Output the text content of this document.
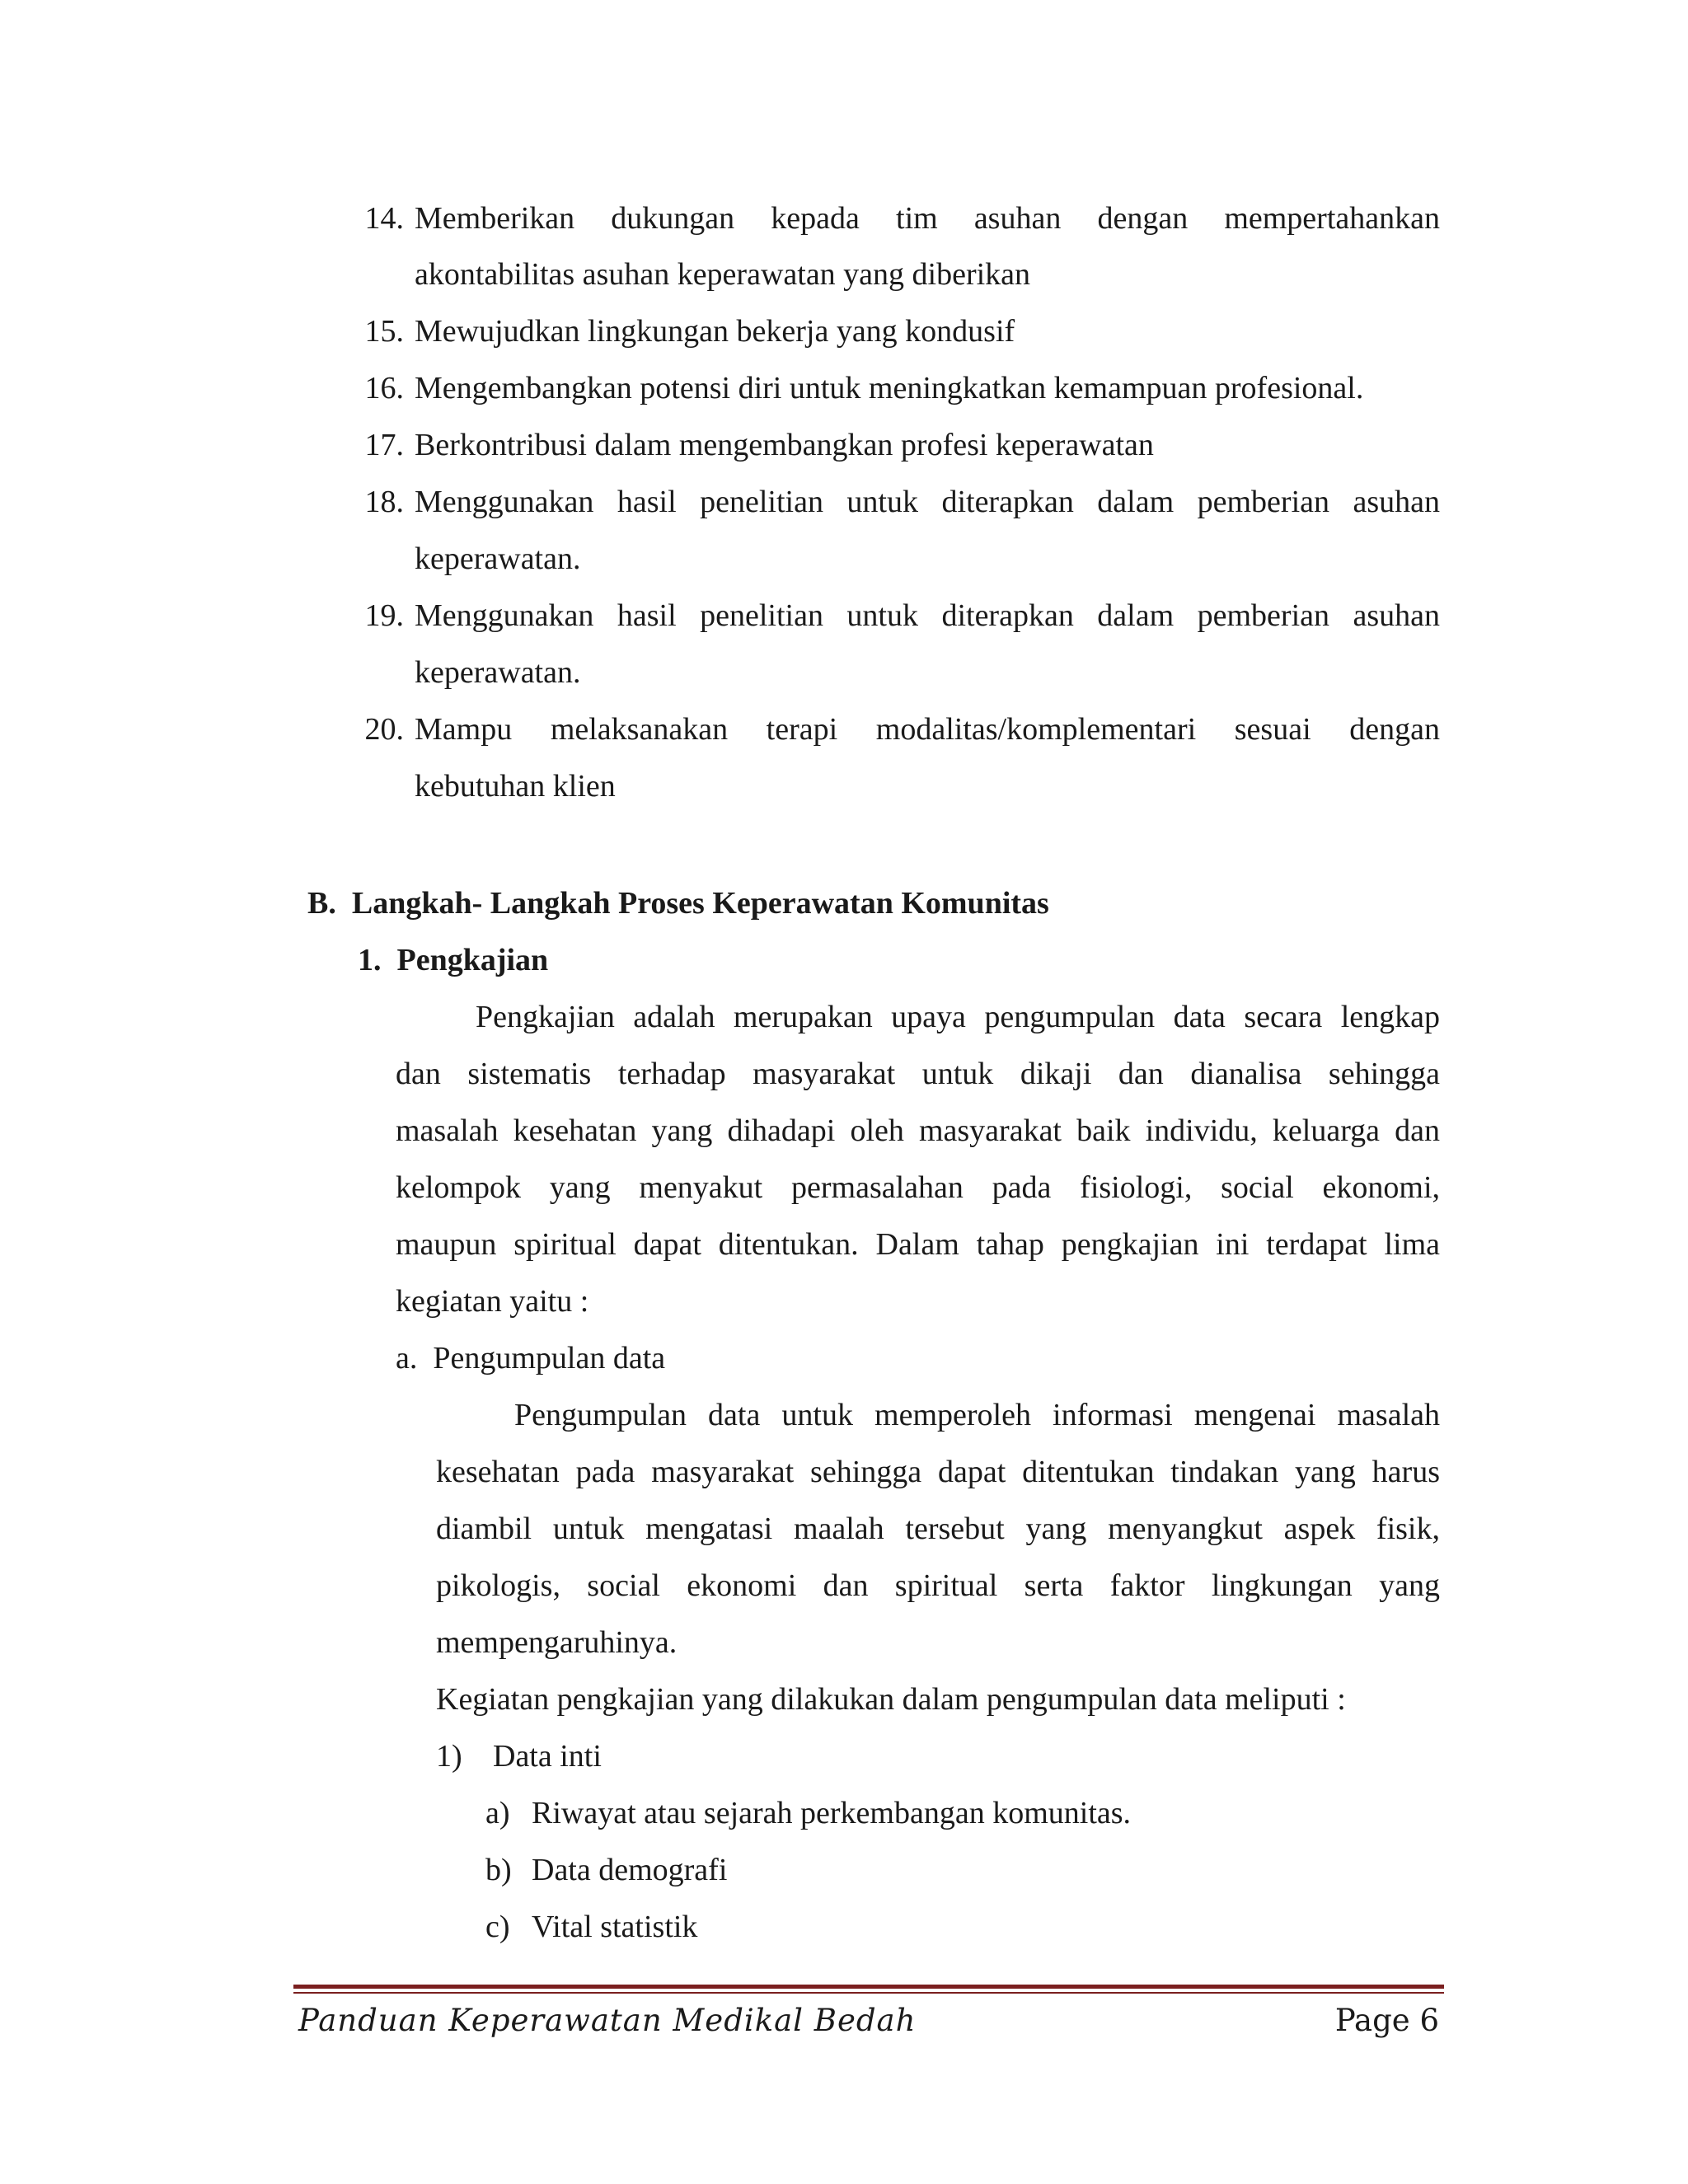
14. Memberikan dukungan kepada tim asuhan dengan mempertahankan
akontabilitas asuhan keperawatan yang diberikan
15. Mewujudkan lingkungan bekerja yang kondusif
16. Mengembangkan potensi diri untuk meningkatkan kemampuan profesional.
17. Berkontribusi dalam mengembangkan profesi keperawatan
18. Menggunakan hasil penelitian untuk diterapkan dalam pemberian asuhan
keperawatan.
19. Menggunakan hasil penelitian untuk diterapkan dalam pemberian asuhan
keperawatan.
20. Mampu melaksanakan terapi modalitas/komplementari sesuai dengan
kebutuhan klien
B.  Langkah- Langkah Proses Keperawatan Komunitas
1.  Pengkajian
Pengkajian adalah merupakan upaya pengumpulan data secara lengkap
dan sistematis terhadap masyarakat untuk dikaji dan dianalisa sehingga
masalah kesehatan yang dihadapi oleh masyarakat baik individu, keluarga dan
kelompok yang menyakut permasalahan pada fisiologi, social ekonomi,
maupun spiritual dapat ditentukan. Dalam tahap pengkajian ini terdapat lima
kegiatan yaitu :
a.  Pengumpulan data
Pengumpulan data untuk memperoleh informasi mengenai masalah
kesehatan pada masyarakat sehingga dapat ditentukan tindakan yang harus
diambil untuk mengatasi maalah tersebut yang menyangkut aspek fisik,
pikologis, social ekonomi dan spiritual serta faktor lingkungan yang
mempengaruhinya.
Kegiatan pengkajian yang dilakukan dalam pengumpulan data meliputi :
1) Data inti
a) Riwayat atau sejarah perkembangan komunitas.
b) Data demografi
c) Vital statistik
Panduan Keperawatan Medikal Bedah	Page 6
